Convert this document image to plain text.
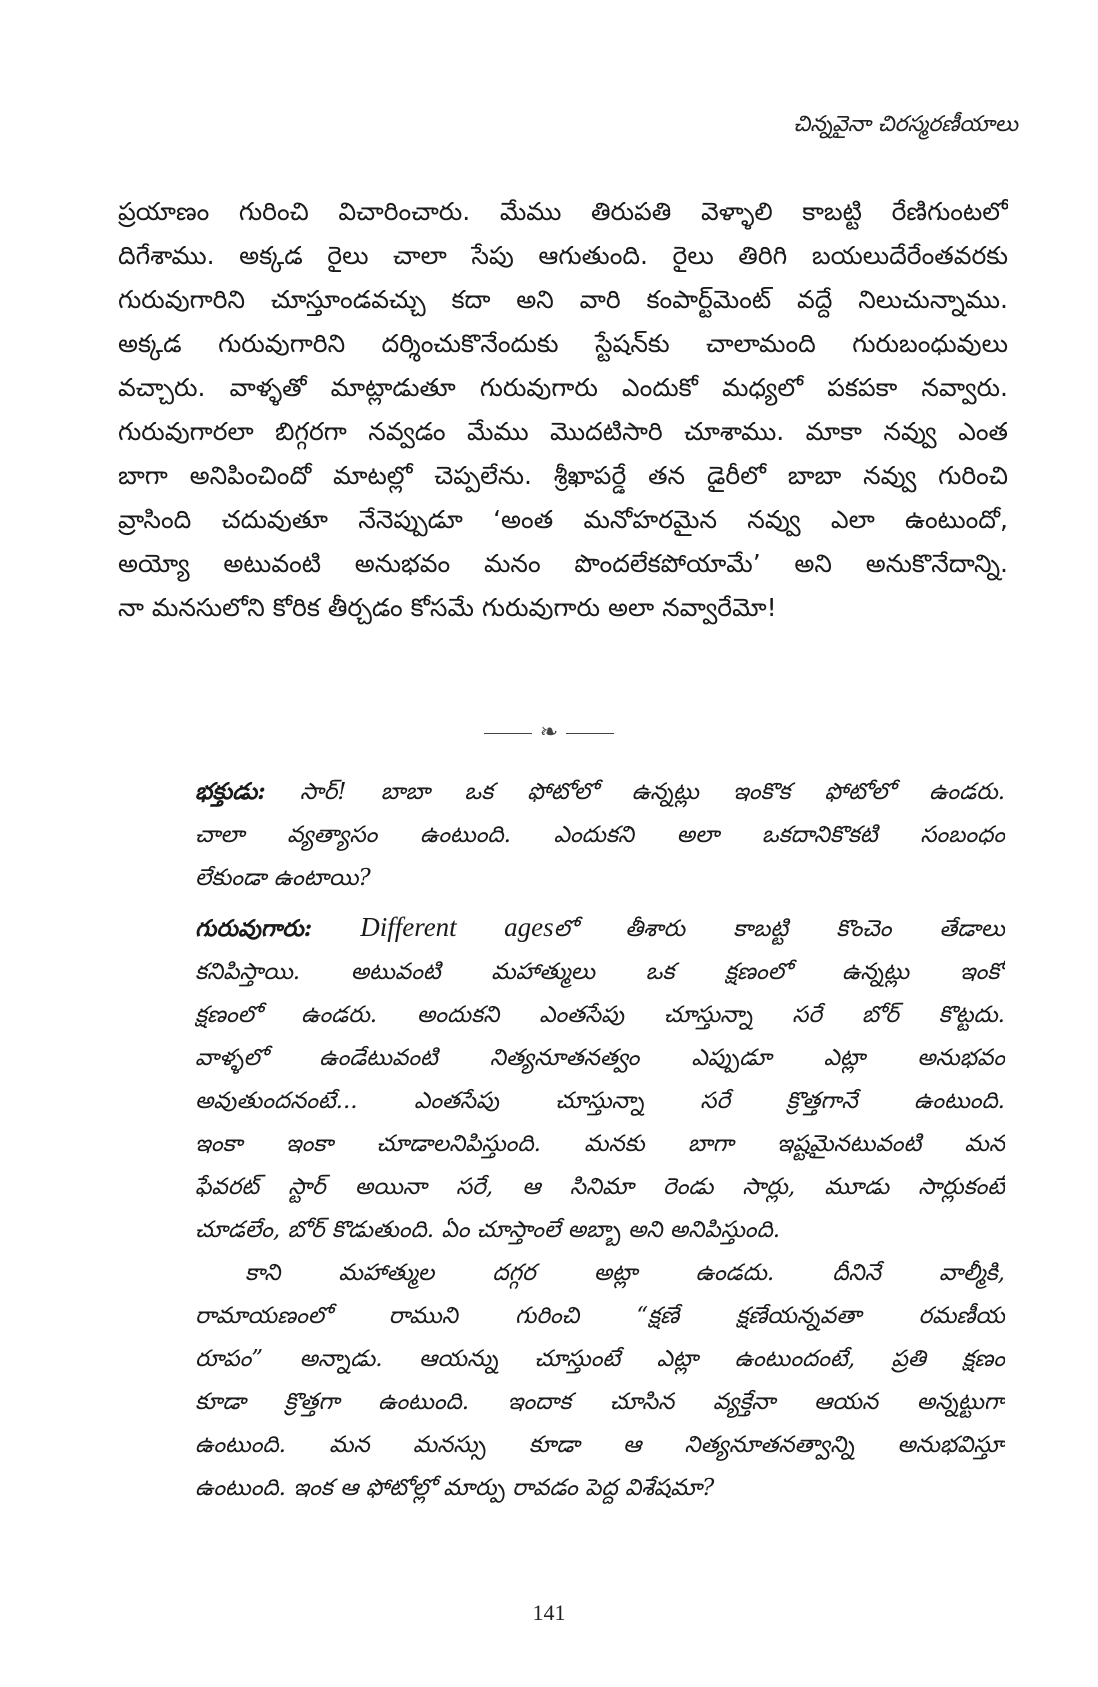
చిన్నవైనా చిరస్మరణీయాలు
ప్రయాణం గురించి విచారించారు. మేము తిరుపతి వెళ్ళాలి కాబట్టి రేణిగుంటలో
దిగేశాము. అక్కడ రైలు చాలా సేపు ఆగుతుంది. రైలు తిరిగి బయలుదేరేంతవరకు
గురువుగారిని చూస్తూండవచ్చు కదా అని వారి కంపార్ట్‌మెంట్ వద్దే నిలుచున్నాము.
అక్కడ గురువుగారిని దర్శించుకొనేందుకు స్టేషన్‌కు చాలామంది గురుబంధువులు
వచ్చారు. వాళ్ళతో మాట్లాడుతూ గురువుగారు ఎందుకో మధ్యలో పకపకా నవ్వారు.
గురువుగారలా బిగ్గరగా నవ్వడం మేము మొదటిసారి చూశాము. మాకా నవ్వు ఎంత
బాగా అనిపించిందో మాటల్లో చెప్పలేను. శ్రీఖాపర్డే తన డైరీలో బాబా నవ్వు గురించి
వ్రాసింది చదువుతూ నేనెప్పుడూ ‘అంత మనోహరమైన నవ్వు ఎలా ఉంటుందో,
అయ్యో అటువంటి అనుభవం మనం పొందలేకపోయామే’ అని అనుకొనేదాన్ని.
నా మనసులోని కోరిక తీర్చడం కోసమే గురువుగారు అలా నవ్వారేమో!
❧
భక్తుడు: సార్! బాబా ఒక ఫోటోలో ఉన్నట్లు ఇంకొక ఫోటోలో ఉండరు.
చాలా వ్యత్యాసం ఉంటుంది. ఎందుకని అలా ఒకదానికొకటి సంబంధం
లేకుండా ఉంటాయి?
గురువుగారు: Different agesలో తీశారు కాబట్టి కొంచెం తేడాలు
కనిపిస్తాయి. అటువంటి మహాత్ములు ఒక క్షణంలో ఉన్నట్లు ఇంకో
క్షణంలో ఉండరు. అందుకని ఎంతసేపు చూస్తున్నా సరే బోర్ కొట్టదు.
వాళ్ళలో ఉండేటువంటి నిత్యనూతనత్వం ఎప్పుడూ ఎట్లా అనుభవం
అవుతుందనంటే... ఎంతసేపు చూస్తున్నా సరే క్రొత్తగానే ఉంటుంది.
ఇంకా ఇంకా చూడాలనిపిస్తుంది. మనకు బాగా ఇష్టమైనటువంటి మన
ఫేవరట్ స్టార్ అయినా సరే, ఆ సినిమా రెండు సార్లు, మూడు సార్లుకంటే
చూడలేం, బోర్ కొడుతుంది. ఏం చూస్తాంలే అబ్బా అని అనిపిస్తుంది.
కాని మహాత్ముల దగ్గర అట్లా ఉండదు. దీనినే వాల్మీకి,
రామాయణంలో రాముని గురించి “క్షణే క్షణేయన్నవతా రమణీయ
రూపం” అన్నాడు. ఆయన్ను చూస్తుంటే ఎట్లా ఉంటుందంటే, ప్రతి క్షణం
కూడా క్రొత్తగా ఉంటుంది. ఇందాక చూసిన వ్యక్తేనా ఆయన అన్నట్టుగా
ఉంటుంది. మన మనస్సు కూడా ఆ నిత్యనూతనత్వాన్ని అనుభవిస్తూ
ఉంటుంది. ఇంక ఆ ఫోటోల్లో మార్పు రావడం పెద్ద విశేషమా?
141
